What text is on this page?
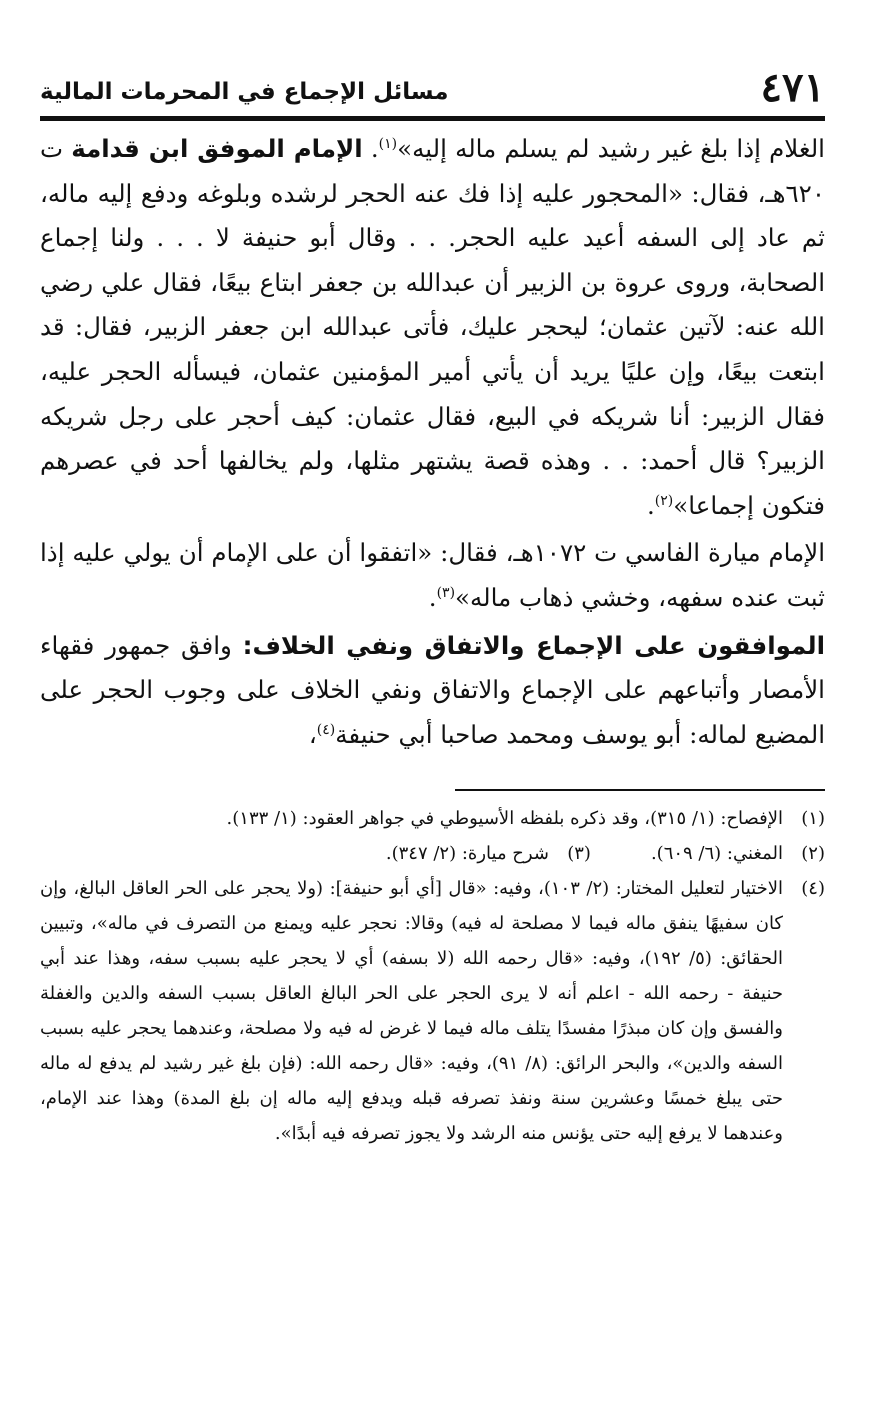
٤٧١
مسائل الإجماع في المحرمات المالية

الغلام إذا بلغ غير رشيد لم يسلم ماله إليه»$^{(١)}$. الإمام الموفق ابن قدامة ت ٦٢٠هـ، فقال: «المحجور عليه إذا فك عنه الحجر لرشده وبلوغه ودفع إليه ماله، ثم عاد إلى السفه أعيد عليه الحجر. . . وقال أبو حنيفة لا . . . ولنا إجماع الصحابة، وروى عروة بن الزبير أن عبدالله بن جعفر ابتاع بيعًا، فقال علي رضي الله عنه: لآتين عثمان؛ ليحجر عليك، فأتى عبدالله ابن جعفر الزبير، فقال: قد ابتعت بيعًا، وإن عليًا يريد أن يأتي أمير المؤمنين عثمان، فيسأله الحجر عليه، فقال الزبير: أنا شريكه في البيع، فقال عثمان: كيف أحجر على رجل شريكه الزبير؟ قال أحمد: . . وهذه قصة يشتهر مثلها، ولم يخالفها أحد في عصرهم فتكون إجماعا»$^{(٢)}$.

الإمام ميارة الفاسي ت ١٠٧٢هـ، فقال: «اتفقوا أن على الإمام أن يولي عليه إذا ثبت عنده سفهه، وخشي ذهاب ماله»$^{(٣)}$.

الموافقون على الإجماع والاتفاق ونفي الخلاف: وافق جمهور فقهاء الأمصار وأتباعهم على الإجماع والاتفاق ونفي الخلاف على وجوب الحجر على المضيع لماله: أبو يوسف ومحمد صاحبا أبي حنيفة$^{(٤)}$،

(١)
الإفصاح: (١/ ٣١٥)، وقد ذكره بلفظه الأسيوطي في جواهر العقود: (١/ ١٣٣).
(٢)
المغني: (٦/ ٦٠٩).
(٣)
شرح ميارة: (٢/ ٣٤٧).
(٤)
الاختيار لتعليل المختار: (٢/ ١٠٣)، وفيه: «قال [أي أبو حنيفة]: (ولا يحجر على الحر العاقل البالغ، وإن كان سفيهًا ينفق ماله فيما لا مصلحة له فيه) وقالا: نحجر عليه ويمنع من التصرف في ماله»، وتبيين الحقائق: (٥/ ١٩٢)، وفيه: «قال رحمه الله (لا بسفه) أي لا يحجر عليه بسبب سفه، وهذا عند أبي حنيفة - رحمه الله - اعلم أنه لا يرى الحجر على الحر البالغ العاقل بسبب السفه والدين والغفلة والفسق وإن كان مبذرًا مفسدًا يتلف ماله فيما لا غرض له فيه ولا مصلحة، وعندهما يحجر عليه بسبب السفه والدين»، والبحر الرائق: (٨/ ٩١)، وفيه: «قال رحمه الله: (فإن بلغ غير رشيد لم يدفع له ماله حتى يبلغ خمسًا وعشرين سنة ونفذ تصرفه قبله ويدفع إليه ماله إن بلغ المدة) وهذا عند الإمام، وعندهما لا يرفع إليه حتى يؤنس منه الرشد ولا يجوز تصرفه فيه أبدًا».
